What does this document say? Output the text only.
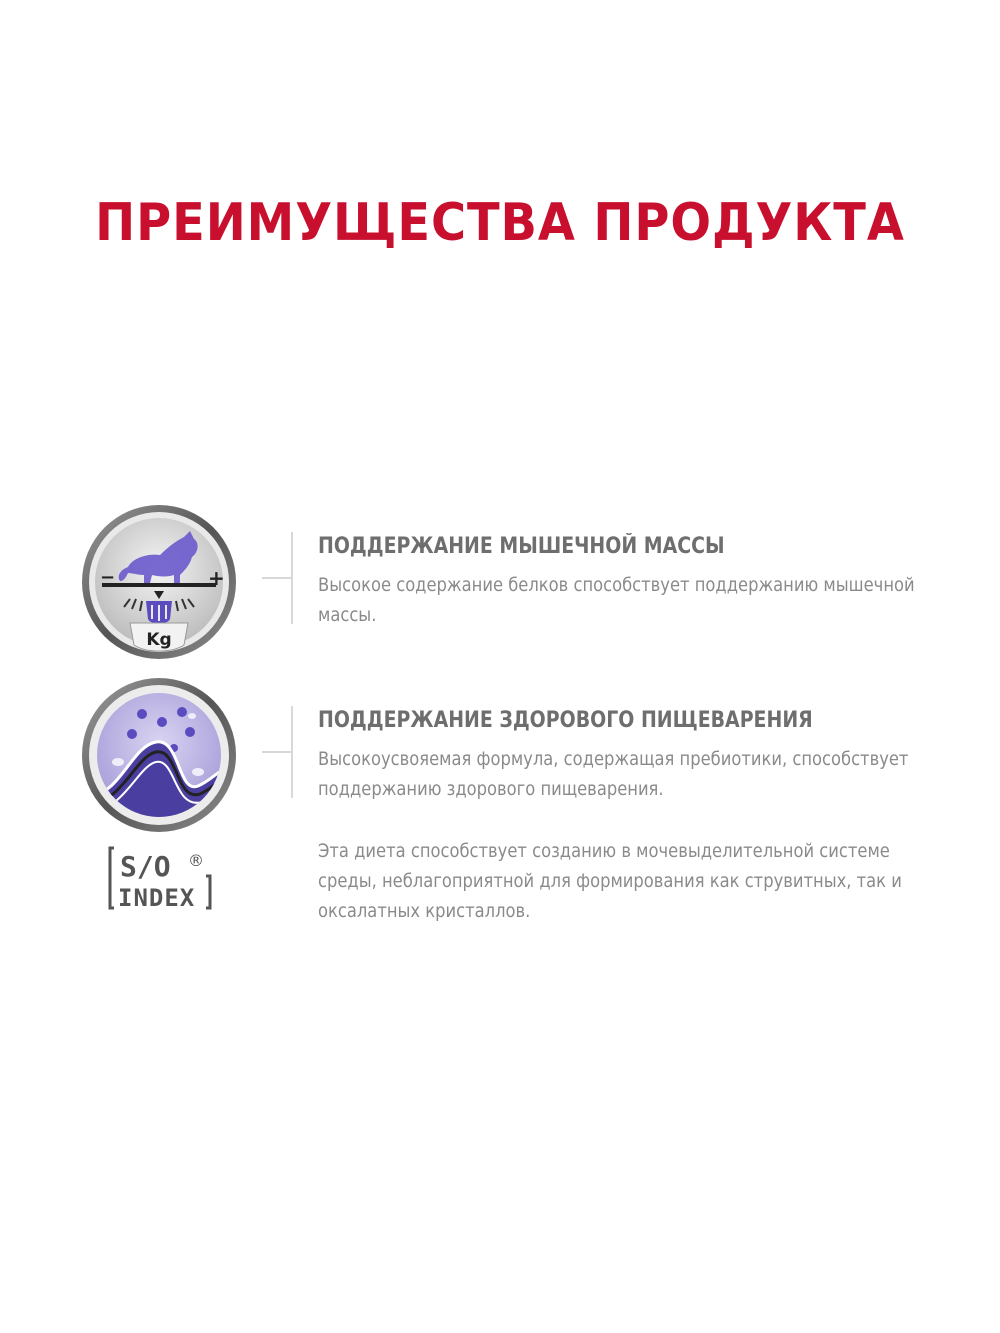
ПРЕИМУЩЕСТВА ПРОДУКТА
−	+
Kg
ПОДДЕРЖАНИЕ МЫШЕЧНОЙ МАССЫ
Высокое содержание белков способствует поддержанию мышечной массы.
ПОДДЕРЖАНИЕ ЗДОРОВОГО ПИЩЕВАРЕНИЯ
Высокоусвояемая формула, содержащая пребиотики, способствует поддержанию здорового пищеварения.
S/O ®
INDEX
Эта диета способствует созданию в мочевыделительной системе среды, неблагоприятной для формирования как струвитных, так и оксалатных кристаллов.
